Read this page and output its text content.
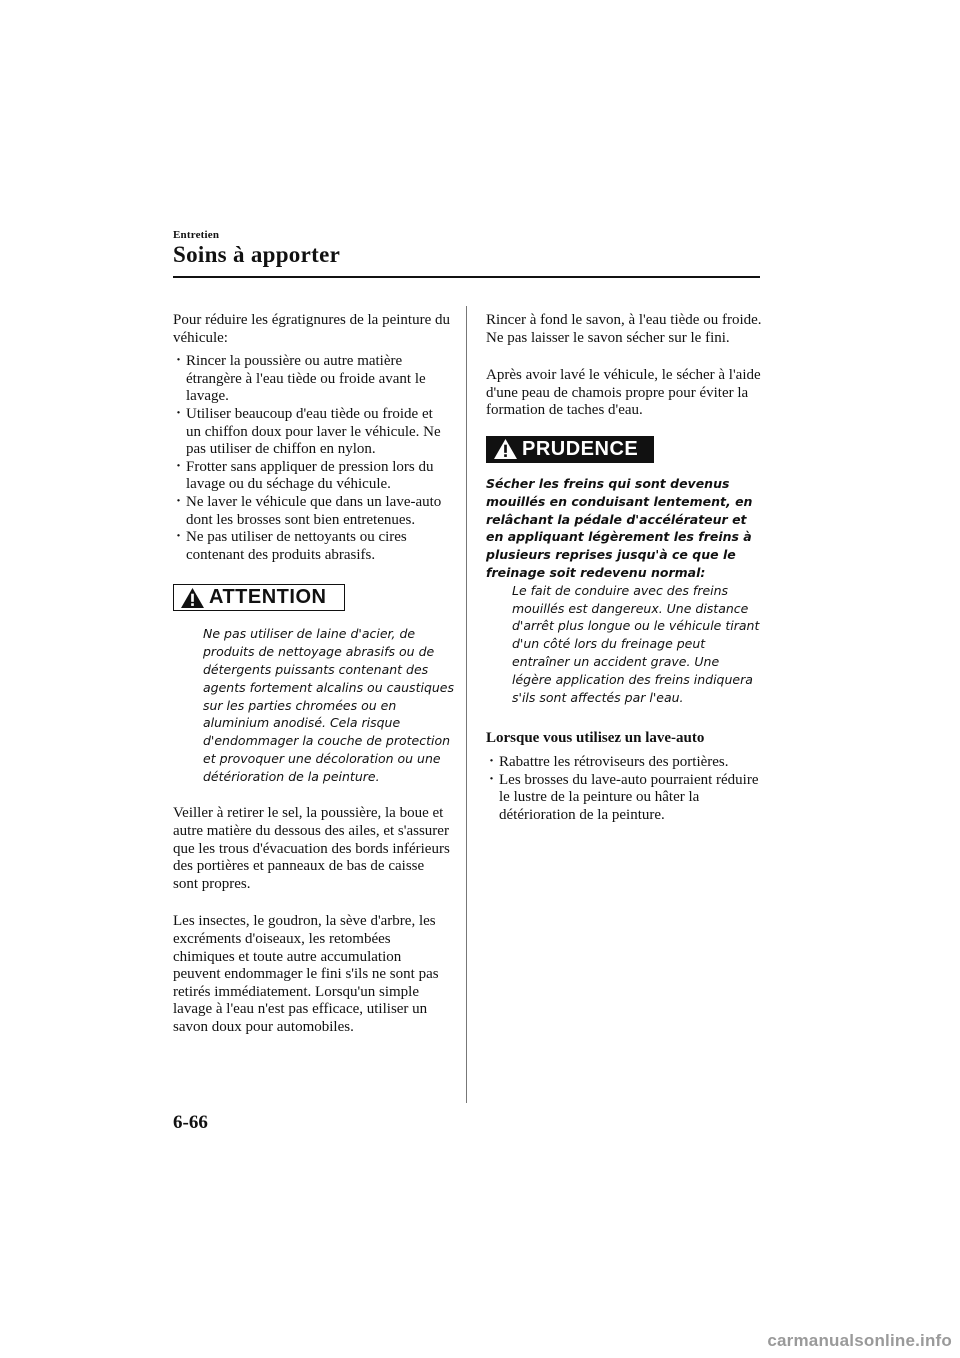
Entretien
Soins à apporter

Pour réduire les égratignures de la peinture du véhicule:

· Rincer la poussière ou autre matière étrangère à l'eau tiède ou froide avant le lavage.
· Utiliser beaucoup d'eau tiède ou froide et un chiffon doux pour laver le véhicule. Ne pas utiliser de chiffon en nylon.
· Frotter sans appliquer de pression lors du lavage ou du séchage du véhicule.
· Ne laver le véhicule que dans un lave-auto dont les brosses sont bien entretenues.
· Ne pas utiliser de nettoyants ou cires contenant des produits abrasifs.
ATTENTION

Ne pas utiliser de laine d'acier, de produits de nettoyage abrasifs ou de détergents puissants contenant des agents fortement alcalins ou caustiques sur les parties chromées ou en aluminium anodisé. Cela risque d'endommager la couche de protection et provoquer une décoloration ou une détérioration de la peinture.

Veiller à retirer le sel, la poussière, la boue et autre matière du dessous des ailes, et s'assurer que les trous d'évacuation des bords inférieurs des portières et panneaux de bas de caisse sont propres.

Les insectes, le goudron, la sève d'arbre, les excréments d'oiseaux, les retombées chimiques et toute autre accumulation peuvent endommager le fini s'ils ne sont pas retirés immédiatement. Lorsqu'un simple lavage à l'eau n'est pas efficace, utiliser un savon doux pour automobiles.

Rincer à fond le savon, à l'eau tiède ou froide. Ne pas laisser le savon sécher sur le fini.

Après avoir lavé le véhicule, le sécher à l'aide d'une peau de chamois propre pour éviter la formation de taches d'eau.

PRUDENCE

Sécher les freins qui sont devenus mouillés en conduisant lentement, en relâchant la pédale d'accélérateur et en appliquant légèrement les freins à plusieurs reprises jusqu'à ce que le freinage soit redevenu normal:

Le fait de conduire avec des freins mouillés est dangereux. Une distance d'arrêt plus longue ou le véhicule tirant d'un côté lors du freinage peut entraîner un accident grave. Une légère application des freins indiquera s'ils sont affectés par l'eau.

Lorsque vous utilisez un lave-auto

· Rabattre les rétroviseurs des portières.
· Les brosses du lave-auto pourraient réduire le lustre de la peinture ou hâter la détérioration de la peinture.
6-66
carmanualsonline.info
